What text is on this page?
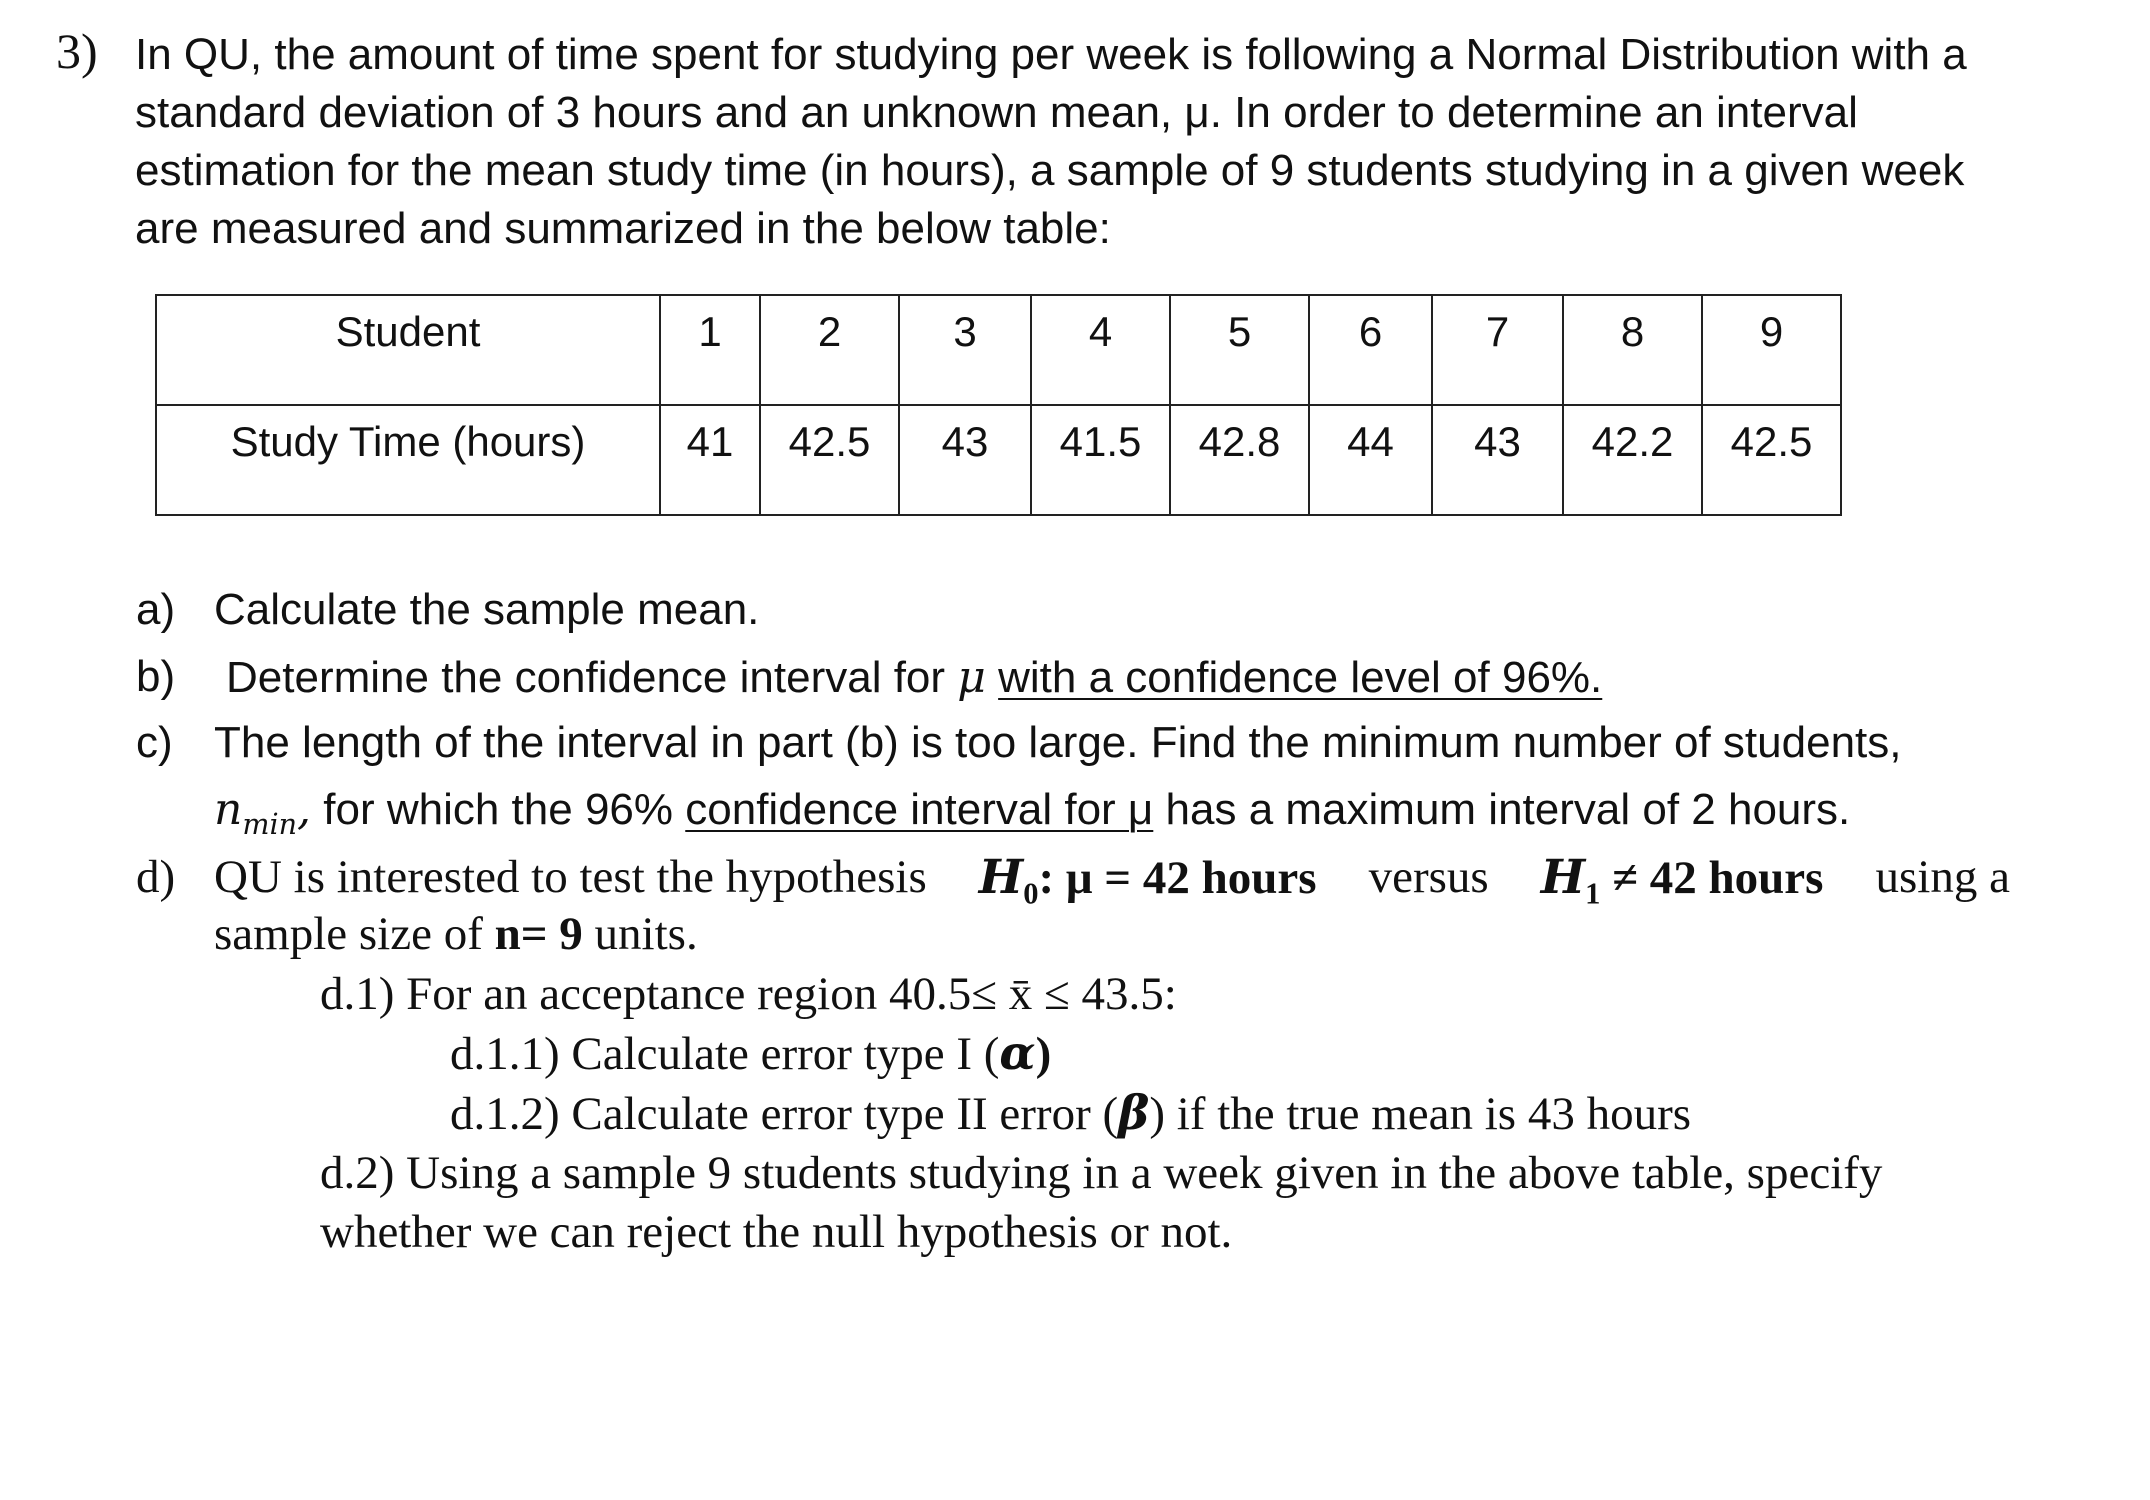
3) In QU, the amount of time spent for studying per week is following a Normal Distribution with a
standard deviation of 3 hours and an unknown mean, μ. In order to determine an interval
estimation for the mean study time (in hours), a sample of 9 students studying in a given week
are measured and summarized in the below table:
Student	1	2	3	4	5	6	7	8	9

Study Time (hours)	41	42.5	43	41.5	42.8	44	43	42.2	42.5
a) Calculate the sample mean.
b) Determine the confidence interval for μ with a confidence level of 96%.
c) The length of the interval in part (b) is too large. Find the minimum number of students,
$n_{min}$, for which the 96% confidence interval for μ has a maximum interval of 2 hours.
d) QU is interested to test the hypothesis $H_0$: μ = 42 hours versus $H_1 \ne 42$ hours using a
sample size of n= 9 units.
d.1) For an acceptance region 40.5≤ x̄ ≤ 43.5:
d.1.1) Calculate error type I (α)
d.1.2) Calculate error type II error (β) if the true mean is 43 hours
d.2) Using a sample 9 students studying in a week given in the above table, specify
whether we can reject the null hypothesis or not.
